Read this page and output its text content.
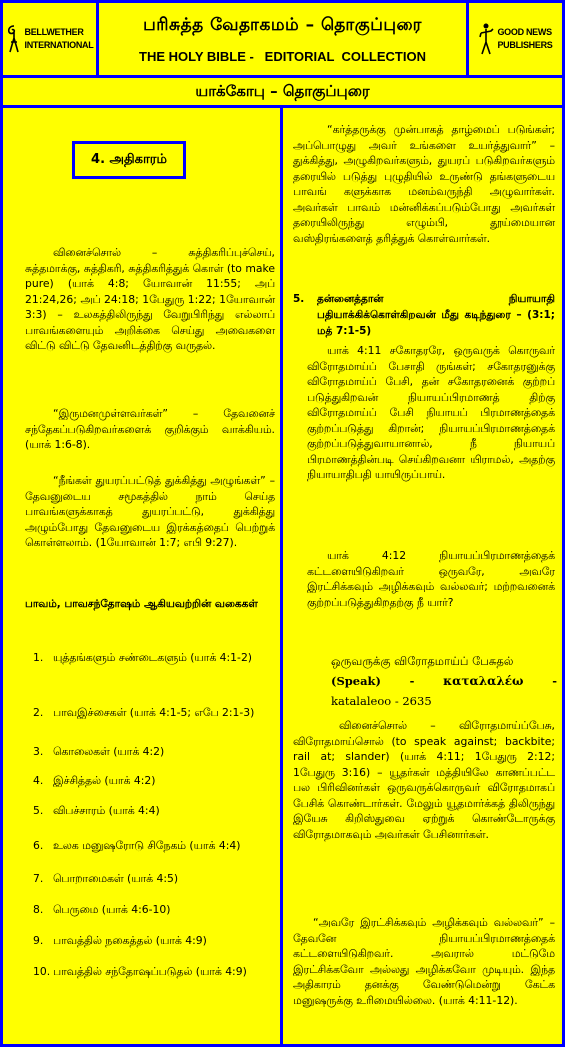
BELLWETHER
INTERNATIONAL
பரிசுத்த வேதாகமம் – தொகுப்புரை
THE HOLY BIBLE -   EDITORIAL  COLLECTION
GOOD NEWS
PUBLISHERS
யாக்கோபு – தொகுப்புரை
4. அதிகாரம்
வினைச்சொல் – சுத்திகரிப்புச்செய், சுத்தமாக்கு, சுத்திகரி, சுத்திகரித்துக் கொள் (to make pure) (யாக் 4:8; யோவான் 11:55; அப் 21:24,26; அப் 24:18; 1பேதுரு 1:22; 1யோவான் 3:3) – உலகத்திலிருந்து வேறுபிரிந்து எல்லாப் பாவங்களையும் அறிக்கை செய்து அவைகளை விட்டு விட்டு தேவனிடத்திற்கு வருதல்.
“இருமனமுள்ளவர்கள்” – தேவனைச் சந்தேகப்படுகிறவர்களைக் குறிக்கும் வாக்கியம். (யாக் 1:6-8).
“நீங்கள் துயரப்பட்டுத் துக்கித்து அழுங்கள்” – தேவனுடைய சமூகத்தில் நாம் செய்த பாவங்களுக்காகத் துயரப்பட்டு, துக்கித்து அழும்போது தேவனுடைய இரக்கத்தைப் பெற்றுக் கொள்ளலாம். (1யோவான் 1:7; எபி 9:27).
பாவம், பாவசந்தோஷம் ஆகியவற்றின் வகைகள்
1. யுத்தங்களும் சண்டைகளும் (யாக் 4:1-2)
2. பாவஇச்சைகள் (யாக் 4:1-5; எபே 2:1-3)
3. கொலைகள் (யாக் 4:2)
4. இச்சித்தல் (யாக் 4:2)
5. விபச்சாரம் (யாக் 4:4)
6. உலக மனுஷரோடு சிநேகம் (யாக் 4:4)
7. பொறாமைகள் (யாக் 4:5)
8. பெருமை (யாக் 4:6-10)
9. பாவத்தில் நகைத்தல் (யாக் 4:9)
10. பாவத்தில் சந்தோஷப்படுதல் (யாக் 4:9)
“கர்த்தருக்கு முன்பாகத் தாழ்மைப் படுங்கள்; அப்பொழுது அவர் உங்களை உயர்த்துவார்” – துக்கித்து, அழுகிறவர்களும், துயரப் படுகிறவர்களும் தரையில் படுத்து புழுதியில் உருண்டு தங்களுடைய பாவங் களுக்காக மனம்வருந்தி அழுவார்கள். அவர்கள் பாவம் மன்னிக்கப்படும்போது அவர்கள் தரையிலிருந்து எழும்பி, தூய்மையான வஸ்திரங்களைத் தரித்துக் கொள்வார்கள்.
5.	தன்னைத்தான் நியாயாதி பதியாக்கிக்கொள்கிறவன் மீது கடிந்துரை – (3:1; மத் 7:1-5)
யாக் 4:11 சகோதரரே, ஒருவருக் கொருவர் விரோதமாய்ப் பேசாதி ருங்கள்; சகோதரனுக்கு விரோதமாய்ப் பேசி, தன் சகோதரனைக் குற்றப் படுத்துகிறவன் நியாயப்பிரமாணத் திற்கு விரோதமாய்ப் பேசி நியாயப் பிரமாணத்தைக் குற்றப்படுத்து கிறான்; நியாயப்பிரமாணத்தைக் குற்றப்படுத்துவாயானால், நீ நியாயப் பிரமாணத்தின்படி செய்கிறவனா யிராமல், அதற்கு நியாயாதிபதி யாயிருப்பாய்.
யாக் 4:12 நியாயப்பிரமாணத்தைக் கட்டளையிடுகிறவர் ஒருவரே, அவரே இரட்சிக்கவும் அழிக்கவும் வல்லவர்; மற்றவனைக் குற்றப்படுத்துகிறதற்கு நீ யார்?
ஒருவருக்கு விரோதமாய்ப் பேசுதல்
(Speak) - καταλαλέω -
katalaleoo - 2635
வினைச்சொல் – விரோதமாய்ப்பேசு, விரோதமாய்சொல் (to speak against; backbite; rail at; slander) (யாக் 4:11; 1பேதுரு 2:12; 1பேதுரு 3:16) – யூதர்கள் மத்தியிலே காணப்பட்ட பல பிரிவினர்கள் ஒருவருக்கொருவர் விரோதமாகப் பேசிக் கொண்டார்கள். மேலும் யூதமார்க்கத் திலிருந்து இயேசு கிறிஸ்துவை ஏற்றுக் கொண்டோருக்கு விரோதமாகவும் அவர்கள் பேசினார்கள்.
“அவரே இரட்சிக்கவும் அழிக்கவும் வல்லவர்” – தேவனே நியாயப்பிரமாணத்தைக் கட்டளையிடுகிறவர். அவரால் மட்டுமே இரட்சிக்கவோ அல்லது அழிக்கவோ முடியும். இந்த அதிகாரம் தனக்கு வேண்டுமென்று கேட்க மனுஷருக்கு உரிமையில்லை. (யாக் 4:11-12).
